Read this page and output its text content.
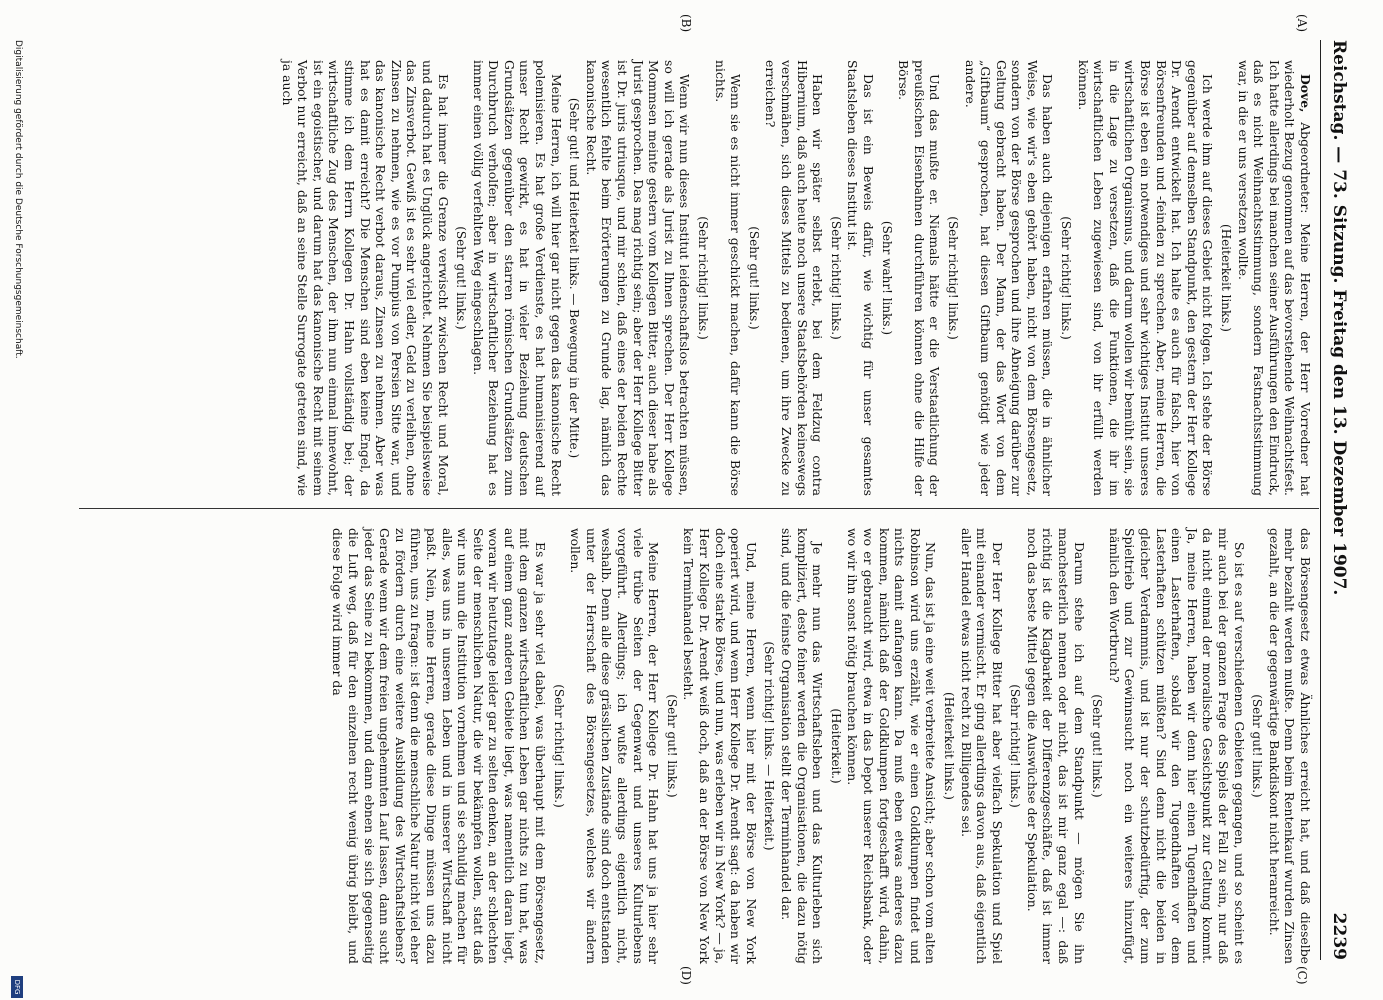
Reichstag. — 73. Sitzung. Freitag den 13. Dezember 1907.
2239
(A)
(B)
(C)
(D)

Dove, Abgeordneter: Meine Herren, der Herr Vorredner hat wiederholt Bezug genommen auf das bevorstehende Weihnachtsfest. Ich hatte allerdings bei manchen seiner Ausführungen den Eindruck, daß es nicht Weihnachtsstimmung, sondern Fastnachtsstimmung war, in die er uns versetzen wollte.

(Heiterkeit links.)

Ich werde ihm auf dieses Gebiet nicht folgen. Ich stehe der Börse gegenüber auf demselben Standpunkt, den gestern der Herr Kollege Dr. Arendt entwickelt hat. Ich halte es auch für falsch, hier von Börsenfreunden und -feinden zu sprechen. Aber, meine Herren, die Börse ist eben ein notwendiges und sehr wichtiges Institut unseres wirtschaftlichen Organismus, und darum wollen wir bemüht sein, sie in die Lage zu versetzen, daß die Funktionen, die ihr im wirtschaftlichen Leben zugewiesen sind, von ihr erfüllt werden können.

(Sehr richtig! links.)

Das haben auch diejenigen erfahren müssen, die in ähnlicher Weise, wie wir's eben gehört haben, nicht von dem Börsengesetz, sondern von der Börse gesprochen und ihre Abneigung darüber zur Geltung gebracht haben. Der Mann, der das Wort von dem „Giftbaum“ gesprochen, hat diesen Giftbaum genötigt wie jeder andere.

(Sehr richtig! links.)

Und das mußte er. Niemals hätte er die Verstaatlichung der preußischen Eisenbahnen durchführen können ohne die Hilfe der Börse.

(Sehr wahr! links.)

Das ist ein Beweis dafür, wie wichtig für unser gesamtes Staatsleben dieses Institut ist.

(Sehr richtig! links.)

Haben wir später selbst erlebt, bei dem Feldzug contra Hibernium, daß auch heute noch unsere Staatsbehörden keineswegs verschmähen, sich dieses Mittels zu bedienen, um ihre Zwecke zu erreichen?

(Sehr gut! links.)

Wenn sie es nicht immer geschickt machen, dafür kann die Börse nichts.

(Sehr richtig! links.)

Wenn wir nun dieses Institut leidenschaftslos betrachten müssen, so will ich gerade als Jurist zu Ihnen sprechen. Der Herr Kollege Mommsen meinte gestern vom Kollegen Bitter, auch dieser habe als Jurist gesprochen. Das mag richtig sein; aber der Herr Kollege Bitter ist Dr. juris utriusque, und mir schien, daß eines der beiden Rechte wesentlich fehlte beim Erörterungen zu Grunde lag, nämlich das kanonische Recht.

(Sehr gut! und Heiterkeit links. — Bewegung in der Mitte.)

Meine Herren, ich will hier gar nicht gegen das kanonische Recht polemisieren. Es hat große Verdienste, es hat humanisierend auf unser Recht gewirkt, es hat in vieler Beziehung deutschen Grundsätzen gegenüber den starren römischen Grundsätzen zum Durchbruch verholfen; aber in wirtschaftlicher Beziehung hat es immer einen völlig verfehlten Weg eingeschlagen.

(Sehr gut! links.)

Es hat immer die Grenze verwischt zwischen Recht und Moral, und dadurch hat es Unglück angerichtet. Nehmen Sie beispielsweise das Zinsverbot. Gewiß ist es sehr viel edler, Geld zu verleihen, ohne Zinsen zu nehmen, wie es vor Pumpius von Persien Sitte war, und das kanonische Recht verbot daraus, Zinsen zu nehmen. Aber was hat es damit erreicht? Die Menschen sind eben keine Engel, da stimme ich dem Herrn Kollegen Dr. Hahn vollständig bei; der wirtschaftliche Zug des Menschen, der ihm nun einmal innewohnt, ist ein egoistischer, und darum hat das kanonische Recht mit seinem Verbot nur erreicht, daß an seine Stelle Surrogate getreten sind, wie ja auch

das Börsengesetz etwas Ähnliches erreicht hat, und daß dieselbe mehr bezahlt werden mußte. Denn beim Rentenkauf wurden Zinsen gezahlt, an die der gegenwärtige Bankdiskont nicht heranreicht.

(Sehr gut! links.)

So ist es auf verschiedenen Gebieten gegangen, und so scheint es mir auch bei der ganzen Frage des Spiels der Fall zu sein, nur daß da nicht einmal der moralische Gesichtspunkt zur Geltung kommt. Ja, meine Herren, haben wir denn hier einen Tugendhaften und einen Lasterhaften, sobald wir den Tugendhaften vor dem Lasterhaften schützen müßten? Sind denn nicht die beiden in gleicher Verdammnis, und ist nur der schutzbedürftig, der zum Spieltrieb und zur Gewinnsucht noch ein weiteres hinzufügt, nämlich den Wortbruch?

(Sehr gut! links.)

Darum stehe ich auf dem Standpunkt — mögen Sie ihn manchesterlich nennen oder nicht, das ist mir ganz egal —: daß richtig ist die Klagbarkeit der Differenzgeschäfte, daß ist immer noch das beste Mittel gegen die Auswüchse der Spekulation.

(Sehr richtig! links.)

Der Herr Kollege Bitter hat aber vielfach Spekulation und Spiel mit einander vermischt. Er ging allerdings davon aus, daß eigentlich aller Handel etwas nicht recht zu Billigendes sei.

(Heiterkeit links.)

Nun, das ist ja eine weit verbreitete Ansicht; aber schon vom alten Robinson wird uns erzählt, wie er einen Goldklumpen findet und nichts damit anfangen kann. Da muß eben etwas anderes dazu kommen, nämlich daß der Goldklumpen fortgeschafft wird, dahin, wo er gebraucht wird, etwa in das Depot unserer Reichsbank, oder wo wir ihn sonst nötig brauchen können.

(Heiterkeit.)

Je mehr nun das Wirtschaftsleben und das Kulturleben sich kompliziert, desto feiner werden die Organisationen, die dazu nötig sind, und die feinste Organisation stellt der Terminhandel dar.

(Sehr richtig! links. — Heiterkeit.)

Und, meine Herren, wenn hier mit der Börse von New York operiert wird, und wenn Herr Kollege Dr. Arendt sagt: da haben wir doch eine starke Börse, und nun, was erleben wir in New York? — ja, Herr Kollege Dr. Arendt weiß doch, daß an der Börse von New York kein Terminhandel besteht.

(Sehr gut! links.)

Meine Herren, der Herr Kollege Dr. Hahn hat uns ja hier sehr viele trübe Seiten der Gegenwart und unseres Kulturlebens vorgeführt. Allerdings; ich wußte allerdings eigentlich nicht, weshalb. Denn alle diese grässlichen Zustände sind doch entstanden unter der Herrschaft des Börsengesetzes, welches wir ändern wollen.

(Sehr richtig! links.)

Es war ja sehr viel dabei, was überhaupt mit dem Börsengesetz, mit dem ganzen wirtschaftlichen Leben gar nichts zu tun hat, was auf einem ganz anderen Gebiete liegt, was namentlich daran liegt, woran wir heutzutage leider gar zu selten denken, an der schlechten Seite der menschlichen Natur, die wir bekämpfen wollen, statt daß wir uns nun die Institution vornehmen und sie schuldig machen für alles, was uns in unserem Leben und in unserer Wirtschaft nicht paßt. Nein, meine Herren, gerade diese Dinge müssen uns dazu führen, uns zu fragen: ist denn die menschliche Natur nicht viel eher zu fördern durch eine weitere Ausbildung des Wirtschaftslebens? Gerade wenn wir dem freien ungehemmten Lauf lassen, dann sucht jeder das Seine zu bekommen, und dann ebnen sie sich gegenseitig die Luft weg, daß für den einzelnen recht wenig übrig bleibt, und diese Folge wird immer da

Digitalisierung gefördert durch die Deutsche Forschungsgemeinschaft.
DFG
